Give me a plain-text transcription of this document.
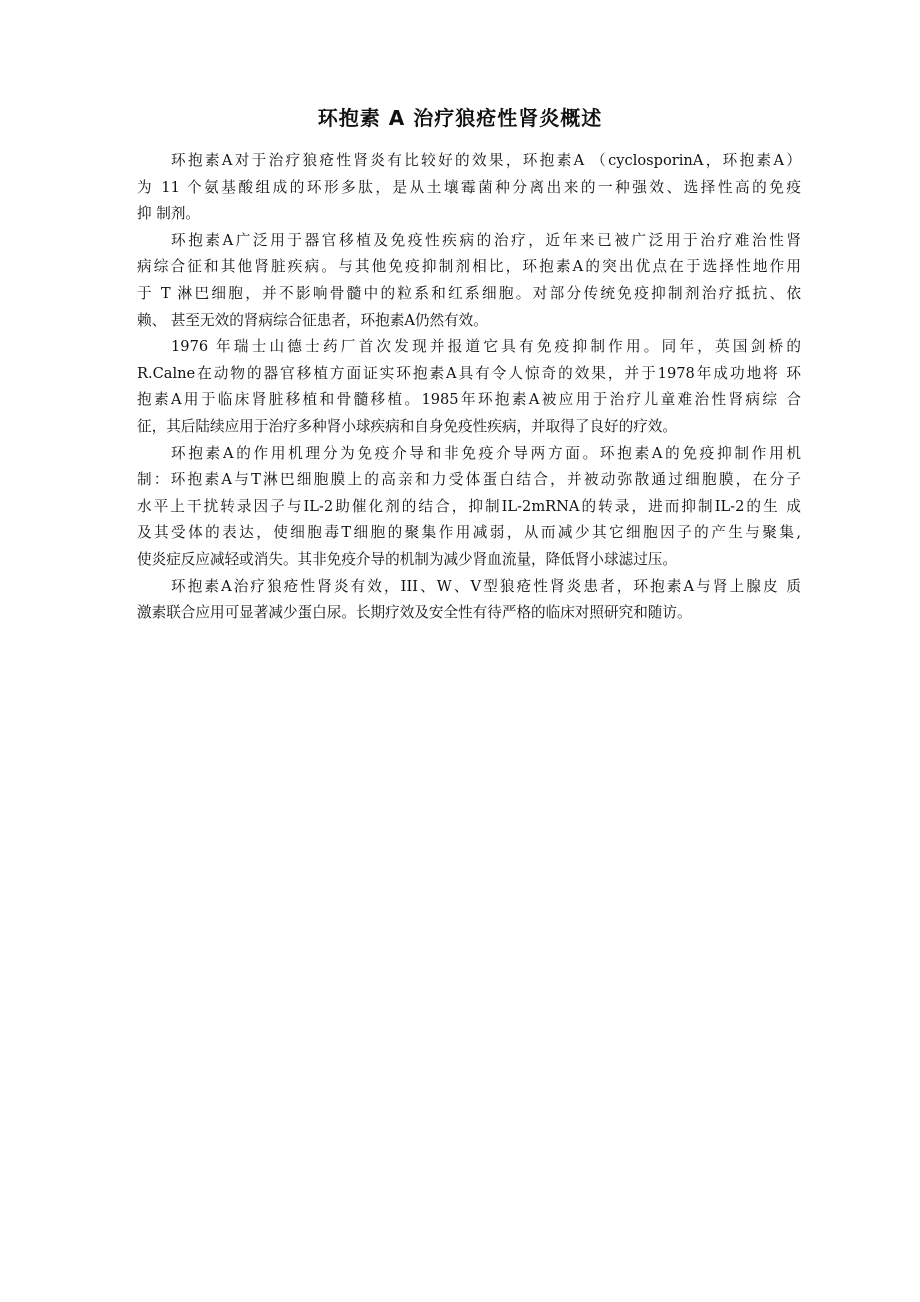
环抱素 A 治疗狼疮性肾炎概述
环抱素A对于治疗狼疮性肾炎有比较好的效果，环抱素A （cyclosporinA，环抱素A）
为 11 个氨基酸组成的环形多肽，是从土壤霉菌种分离出来的一种强效、选择性高的免疫
抑 制剂。
环抱素A广泛用于器官移植及免疫性疾病的治疗，近年来已被广泛用于治疗难治性肾
病综合征和其他肾脏疾病。与其他免疫抑制剂相比，环抱素A的突出优点在于选择性地作用
于 T 淋巴细胞，并不影响骨髓中的粒系和红系细胞。对部分传统免疫抑制剂治疗抵抗、依
赖、 甚至无效的肾病综合征患者，环抱素A仍然有效。
1976 年瑞士山德士药厂首次发现并报道它具有免疫抑制作用。同年，英国剑桥的
R.Calne在动物的器官移植方面证实环抱素A具有令人惊奇的效果，并于1978年成功地将 环
抱素A用于临床肾脏移植和骨髓移植。1985年环抱素A被应用于治疗儿童难治性肾病综 合
征，其后陆续应用于治疗多种肾小球疾病和自身免疫性疾病，并取得了良好的疗效。
环抱素A的作用机理分为免疫介导和非免疫介导两方面。环抱素A的免疫抑制作用机
制：环抱素A与T淋巴细胞膜上的高亲和力受体蛋白结合，并被动弥散通过细胞膜，在分子
水平上干扰转录因子与IL-2助催化剂的结合，抑制IL-2mRNA的转录，进而抑制IL-2的生 成
及其受体的表达，使细胞毒T细胞的聚集作用减弱，从而减少其它细胞因子的产生与聚集,
使炎症反应减轻或消失。其非免疫介导的机制为减少肾血流量，降低肾小球滤过压。
环抱素A治疗狼疮性肾炎有效，III、W、V型狼疮性肾炎患者，环抱素A与肾上腺皮 质
激素联合应用可显著减少蛋白尿。长期疗效及安全性有待严格的临床对照研究和随访。
